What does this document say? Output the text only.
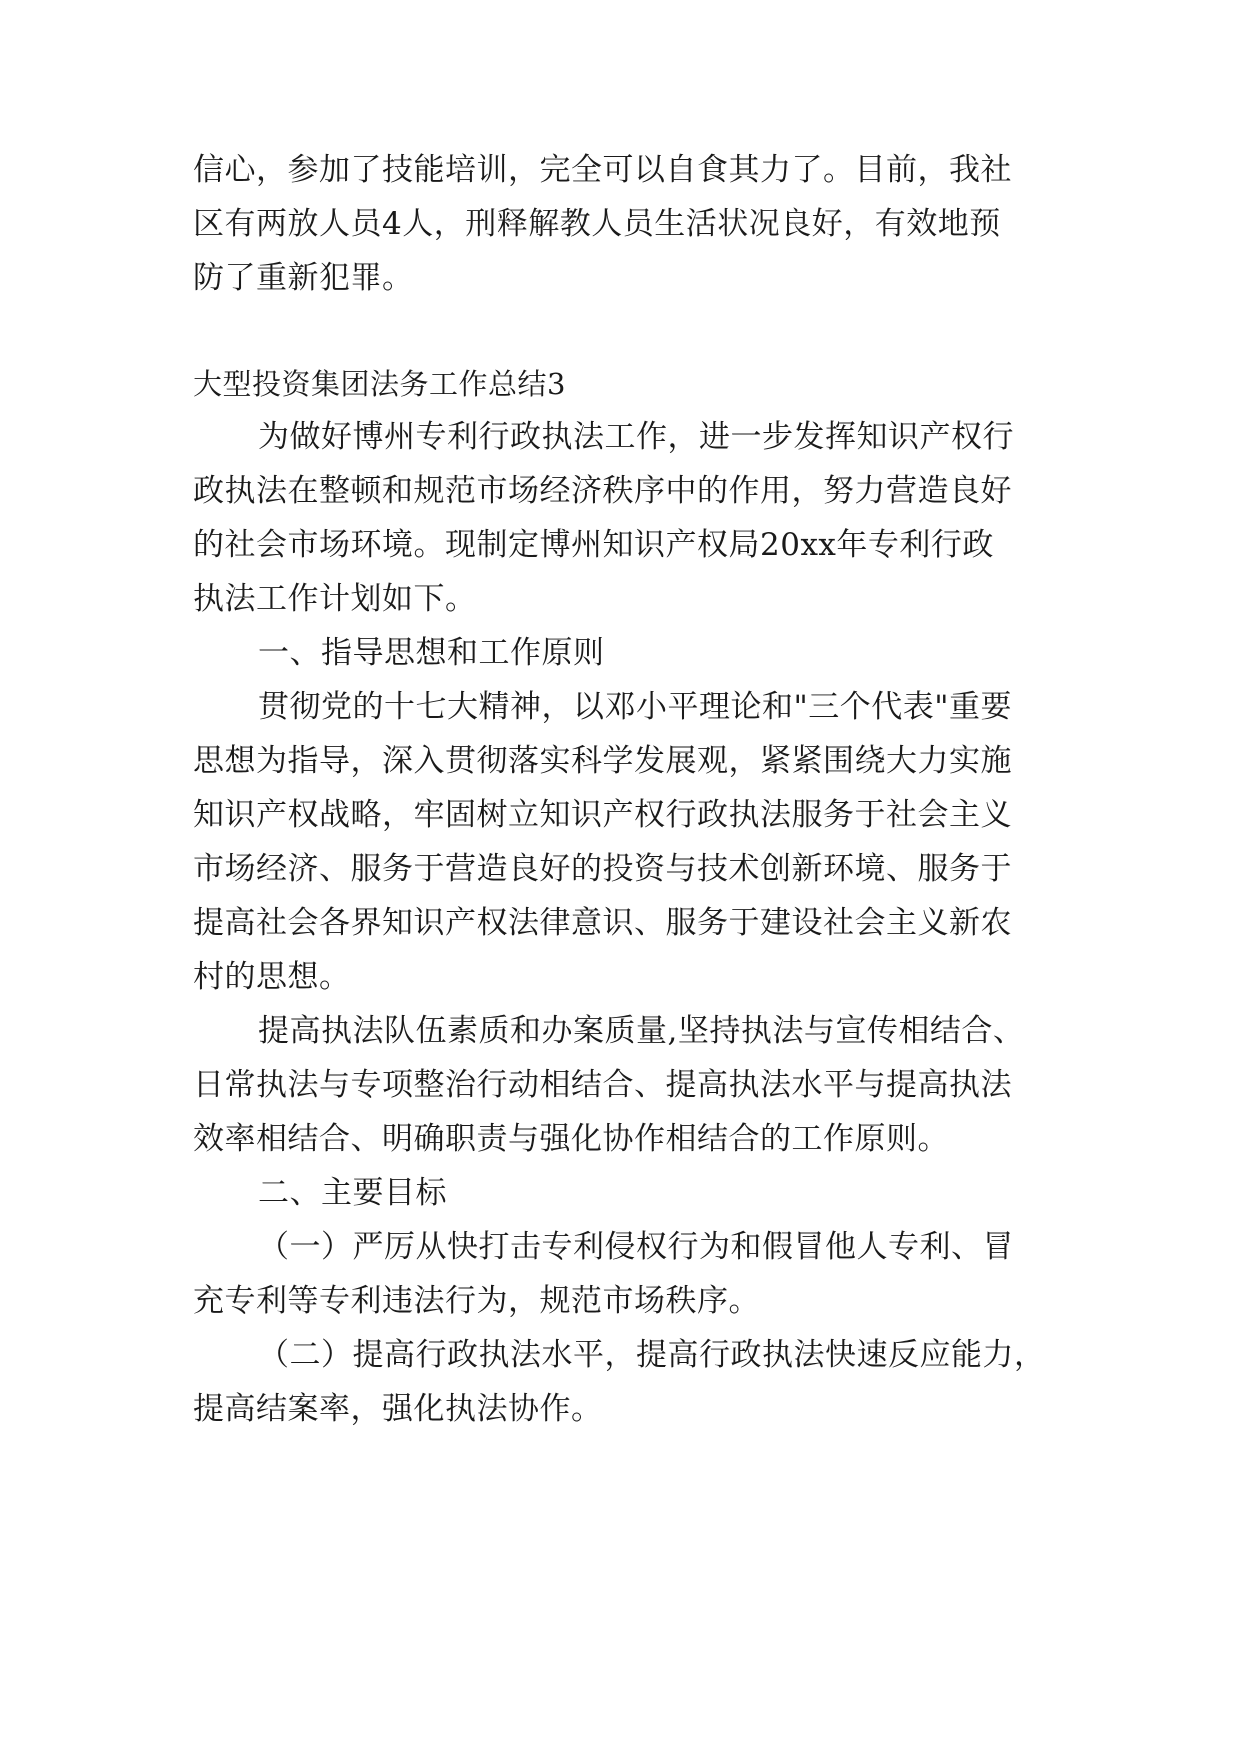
信心，参加了技能培训，完全可以自食其力了。目前，我社
区有两放人员4人，刑释解教人员生活状况良好，有效地预
防了重新犯罪。
大型投资集团法务工作总结3
为做好博州专利行政执法工作，进一步发挥知识产权行
政执法在整顿和规范市场经济秩序中的作用，努力营造良好
的社会市场环境。现制定博州知识产权局20xx年专利行政
执法工作计划如下。
一、指导思想和工作原则
贯彻党的十七大精神，以邓小平理论和"三个代表"重要
思想为指导，深入贯彻落实科学发展观，紧紧围绕大力实施
知识产权战略，牢固树立知识产权行政执法服务于社会主义
市场经济、服务于营造良好的投资与技术创新环境、服务于
提高社会各界知识产权法律意识、服务于建设社会主义新农
村的思想。
提高执法队伍素质和办案质量,坚持执法与宣传相结合、
日常执法与专项整治行动相结合、提高执法水平与提高执法
效率相结合、明确职责与强化协作相结合的工作原则。
二、主要目标
（一）严厉从快打击专利侵权行为和假冒他人专利、冒
充专利等专利违法行为，规范市场秩序。
（二）提高行政执法水平，提高行政执法快速反应能力，
提高结案率，强化执法协作。
